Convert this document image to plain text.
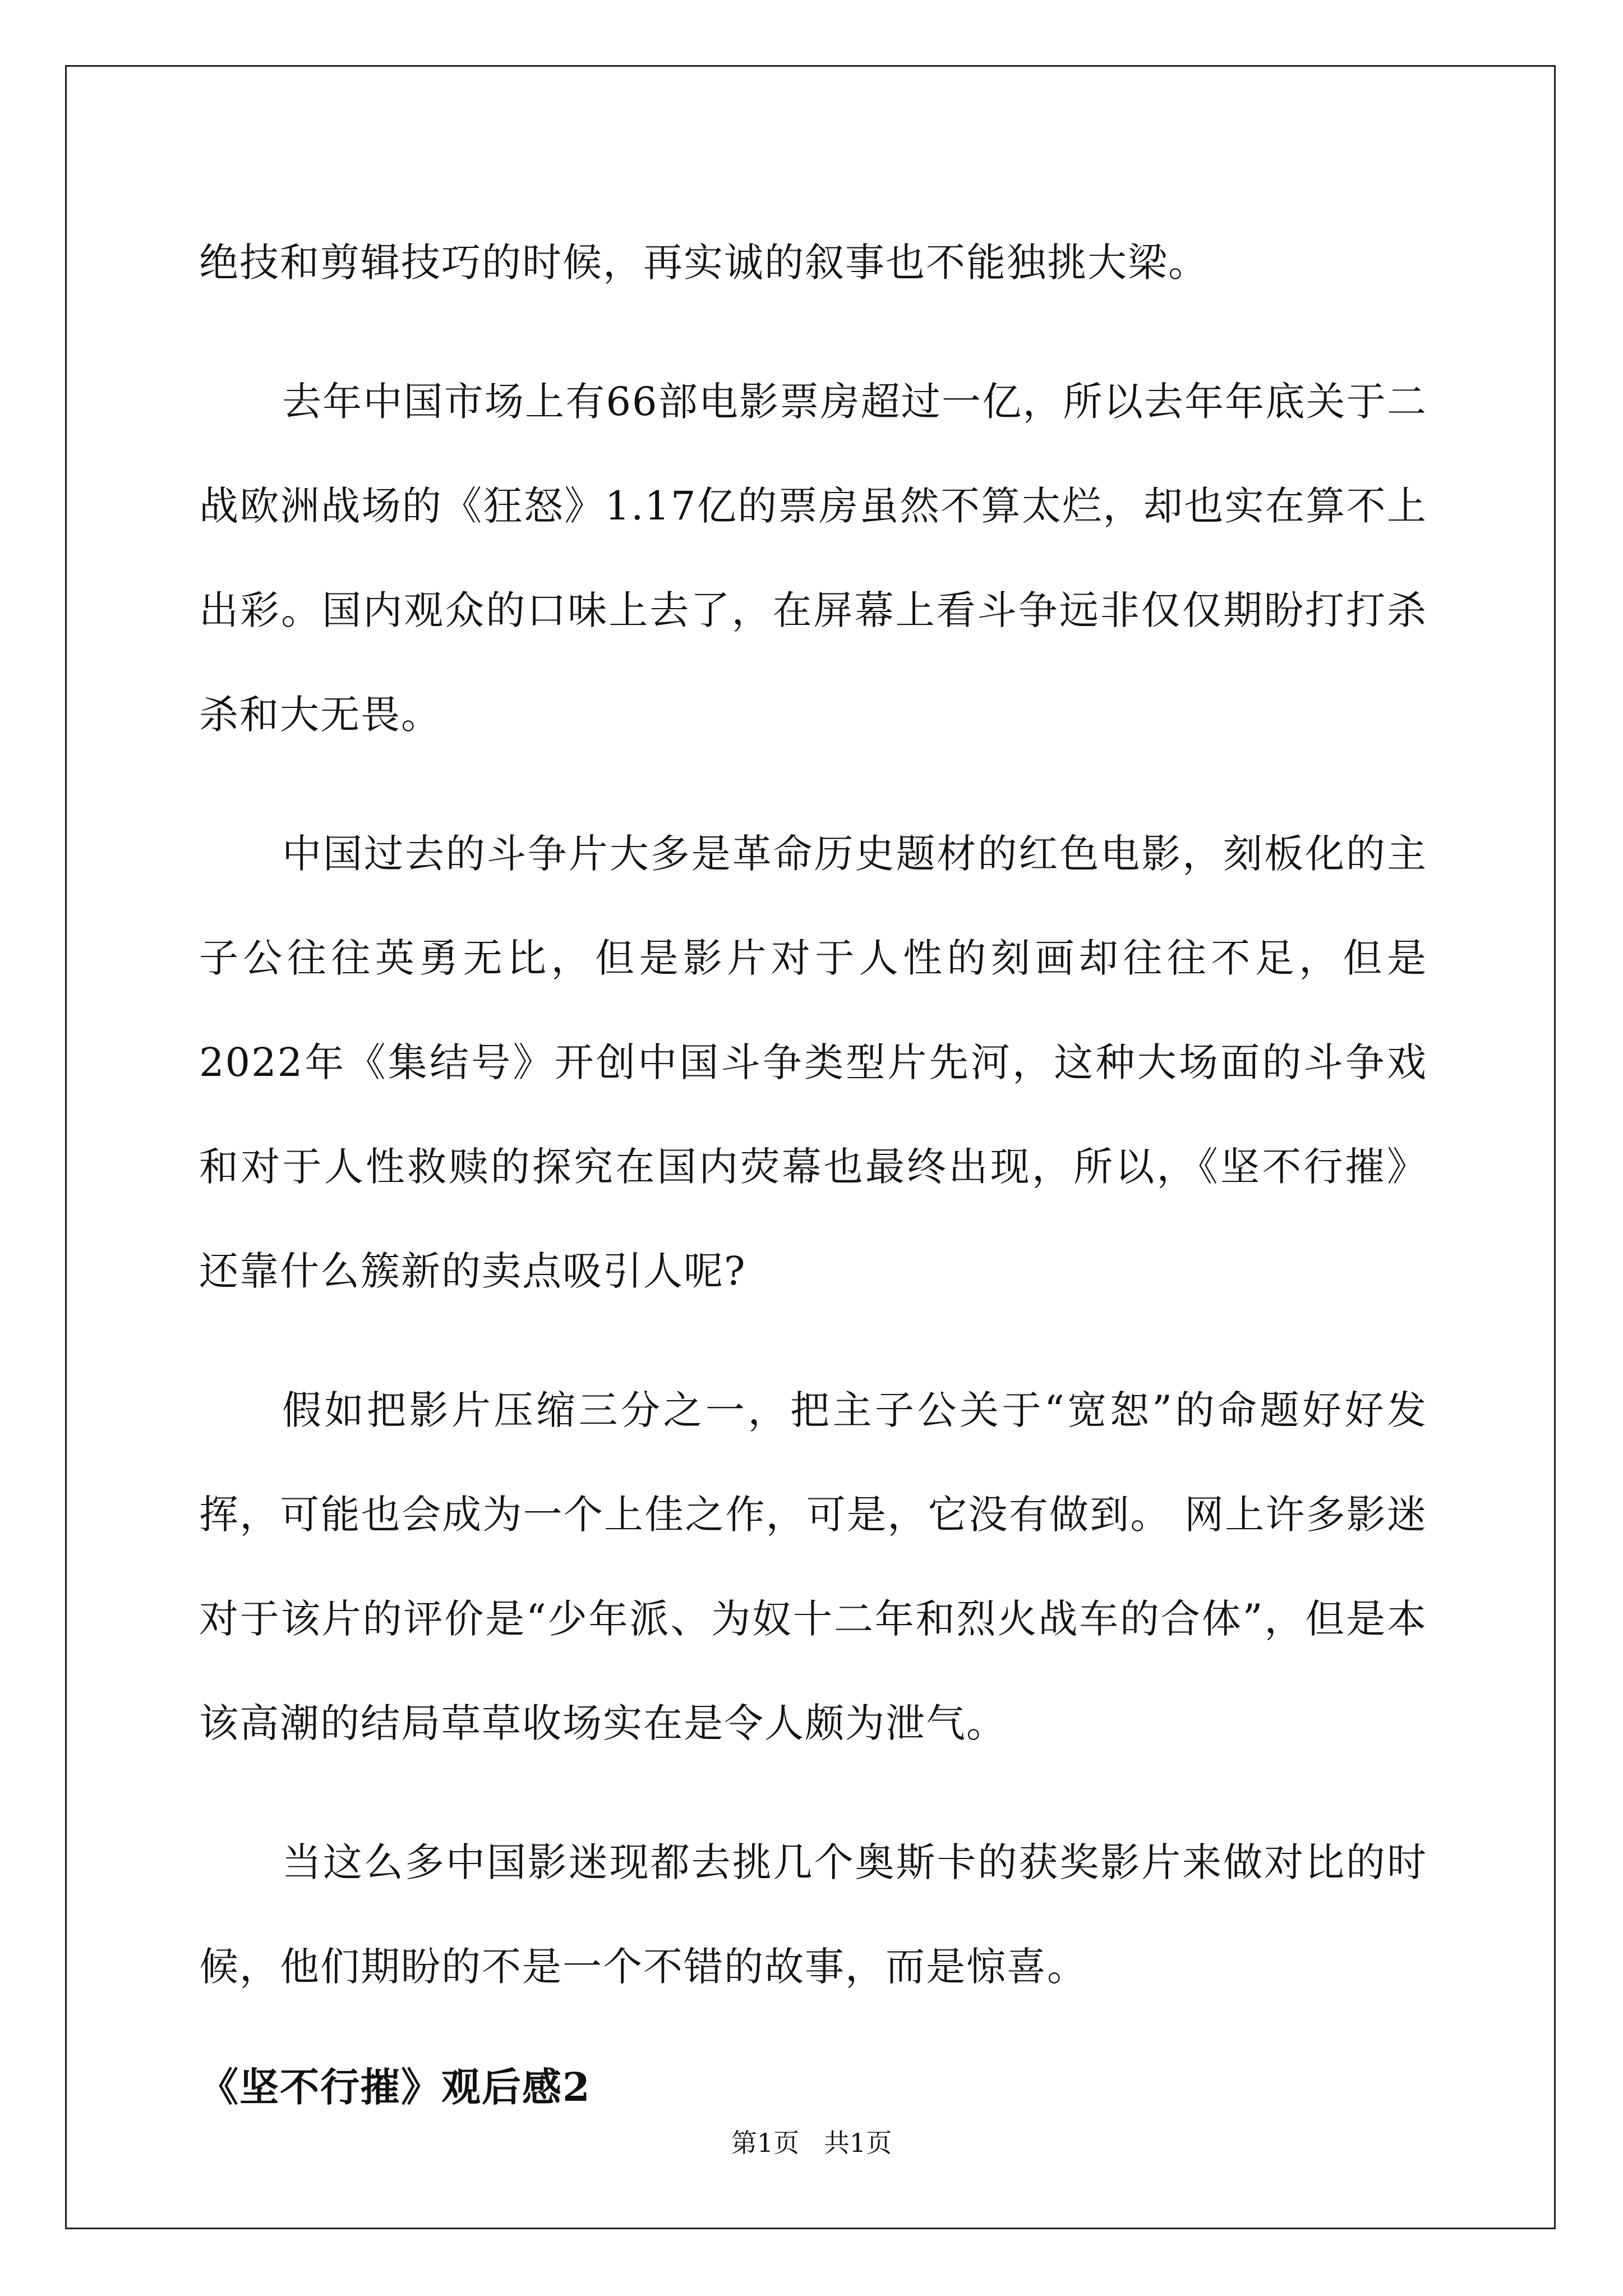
绝技和剪辑技巧的时候，再实诚的叙事也不能独挑大梁。

去年中国市场上有66部电影票房超过一亿，所以去年年底关于二战欧洲战场的《狂怒》1.17亿的票房虽然不算太烂，却也实在算不上出彩。国内观众的口味上去了，在屏幕上看斗争远非仅仅期盼打打杀杀和大无畏。

中国过去的斗争片大多是革命历史题材的红色电影，刻板化的主子公往往英勇无比，但是影片对于人性的刻画却往往不足，但是2022年《集结号》开创中国斗争类型片先河，这种大场面的斗争戏和对于人性救赎的探究在国内荧幕也最终出现，所以，《坚不行摧》还靠什么簇新的卖点吸引人呢?

假如把影片压缩三分之一，把主子公关于“宽恕”的命题好好发挥，可能也会成为一个上佳之作，可是，它没有做到。 网上许多影迷对于该片的评价是“少年派、为奴十二年和烈火战车的合体”，但是本该高潮的结局草草收场实在是令人颇为泄气。

当这么多中国影迷现都去挑几个奥斯卡的获奖影片来做对比的时候，他们期盼的不是一个不错的故事，而是惊喜。

《坚不行摧》观后感2
第1页   共1页
